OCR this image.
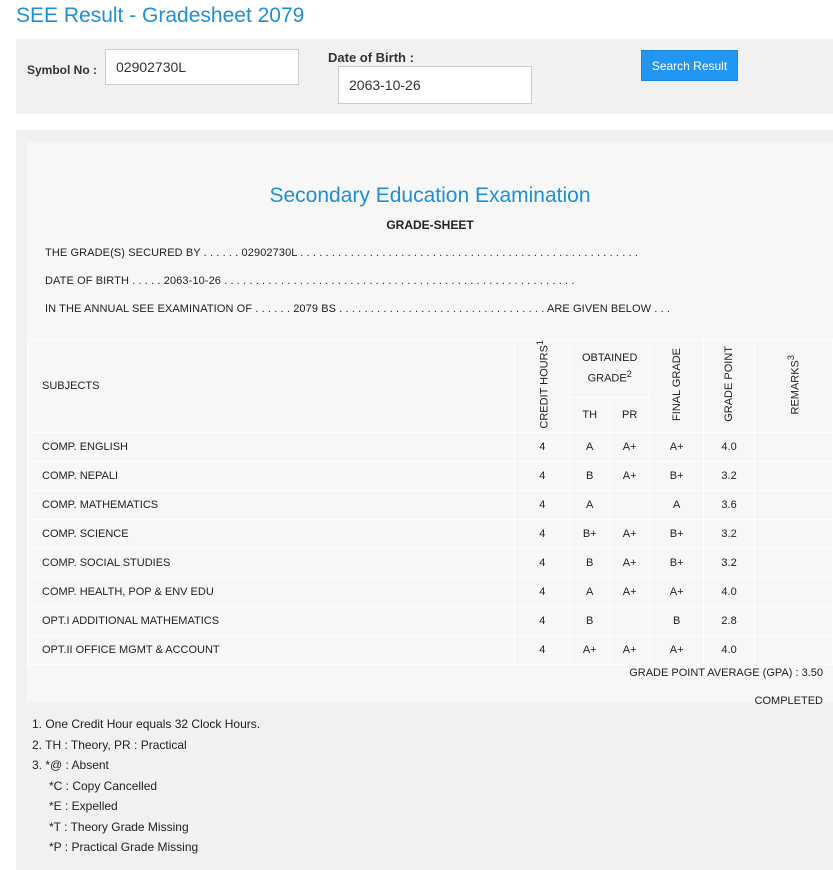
SEE Result - Gradesheet 2079
Symbol No :
02902730L
Date of Birth :
2063-10-26
Search Result
Secondary Education Examination
GRADE-SHEET
THE GRADE(S) SECURED BY . . . . . . 02902730L . . . . . . . . . . . . . . . . . . . . . . . . . . . . . . . . . . . . . . . . . . . . . . . . . . . . . .
DATE OF BIRTH . . . . . 2063-10-26 . . . . . . . . . . . . . . . . . . . . . . . . . . . . . . . . . . . . . . . . . . . . . . . . . . . . . . . .
IN THE ANNUAL SEE EXAMINATION OF . . . . . . 2079 BS . . . . . . . . . . . . . . . . . . . . . . . . . . . . . . . . . ARE GIVEN BELOW . . .
SUBJECTS	CREDIT HOURS$^1$	OBTAINED GRADE$^2$		FINAL GRADE	GRADE POINT	REMARKS$^3$
		TH	PR			
COMP. ENGLISH	4	A	A+	A+	4.0	
COMP. NEPALI	4	B	A+	B+	3.2	
COMP. MATHEMATICS	4	A		A	3.6	
COMP. SCIENCE	4	B+	A+	B+	3.2	
COMP. SOCIAL STUDIES	4	B	A+	B+	3.2	
COMP. HEALTH, POP & ENV EDU	4	A	A+	A+	4.0	
OPT.I ADDITIONAL MATHEMATICS	4	B		B	2.8	
OPT.II OFFICE MGMT & ACCOUNT	4	A+	A+	A+	4.0	
GRADE POINT AVERAGE (GPA) : 3.50
COMPLETED
1. One Credit Hour equals 32 Clock Hours.
2. TH : Theory, PR : Practical
3. *@ : Absent
*C : Copy Cancelled
*E : Expelled
*T : Theory Grade Missing
*P : Practical Grade Missing
